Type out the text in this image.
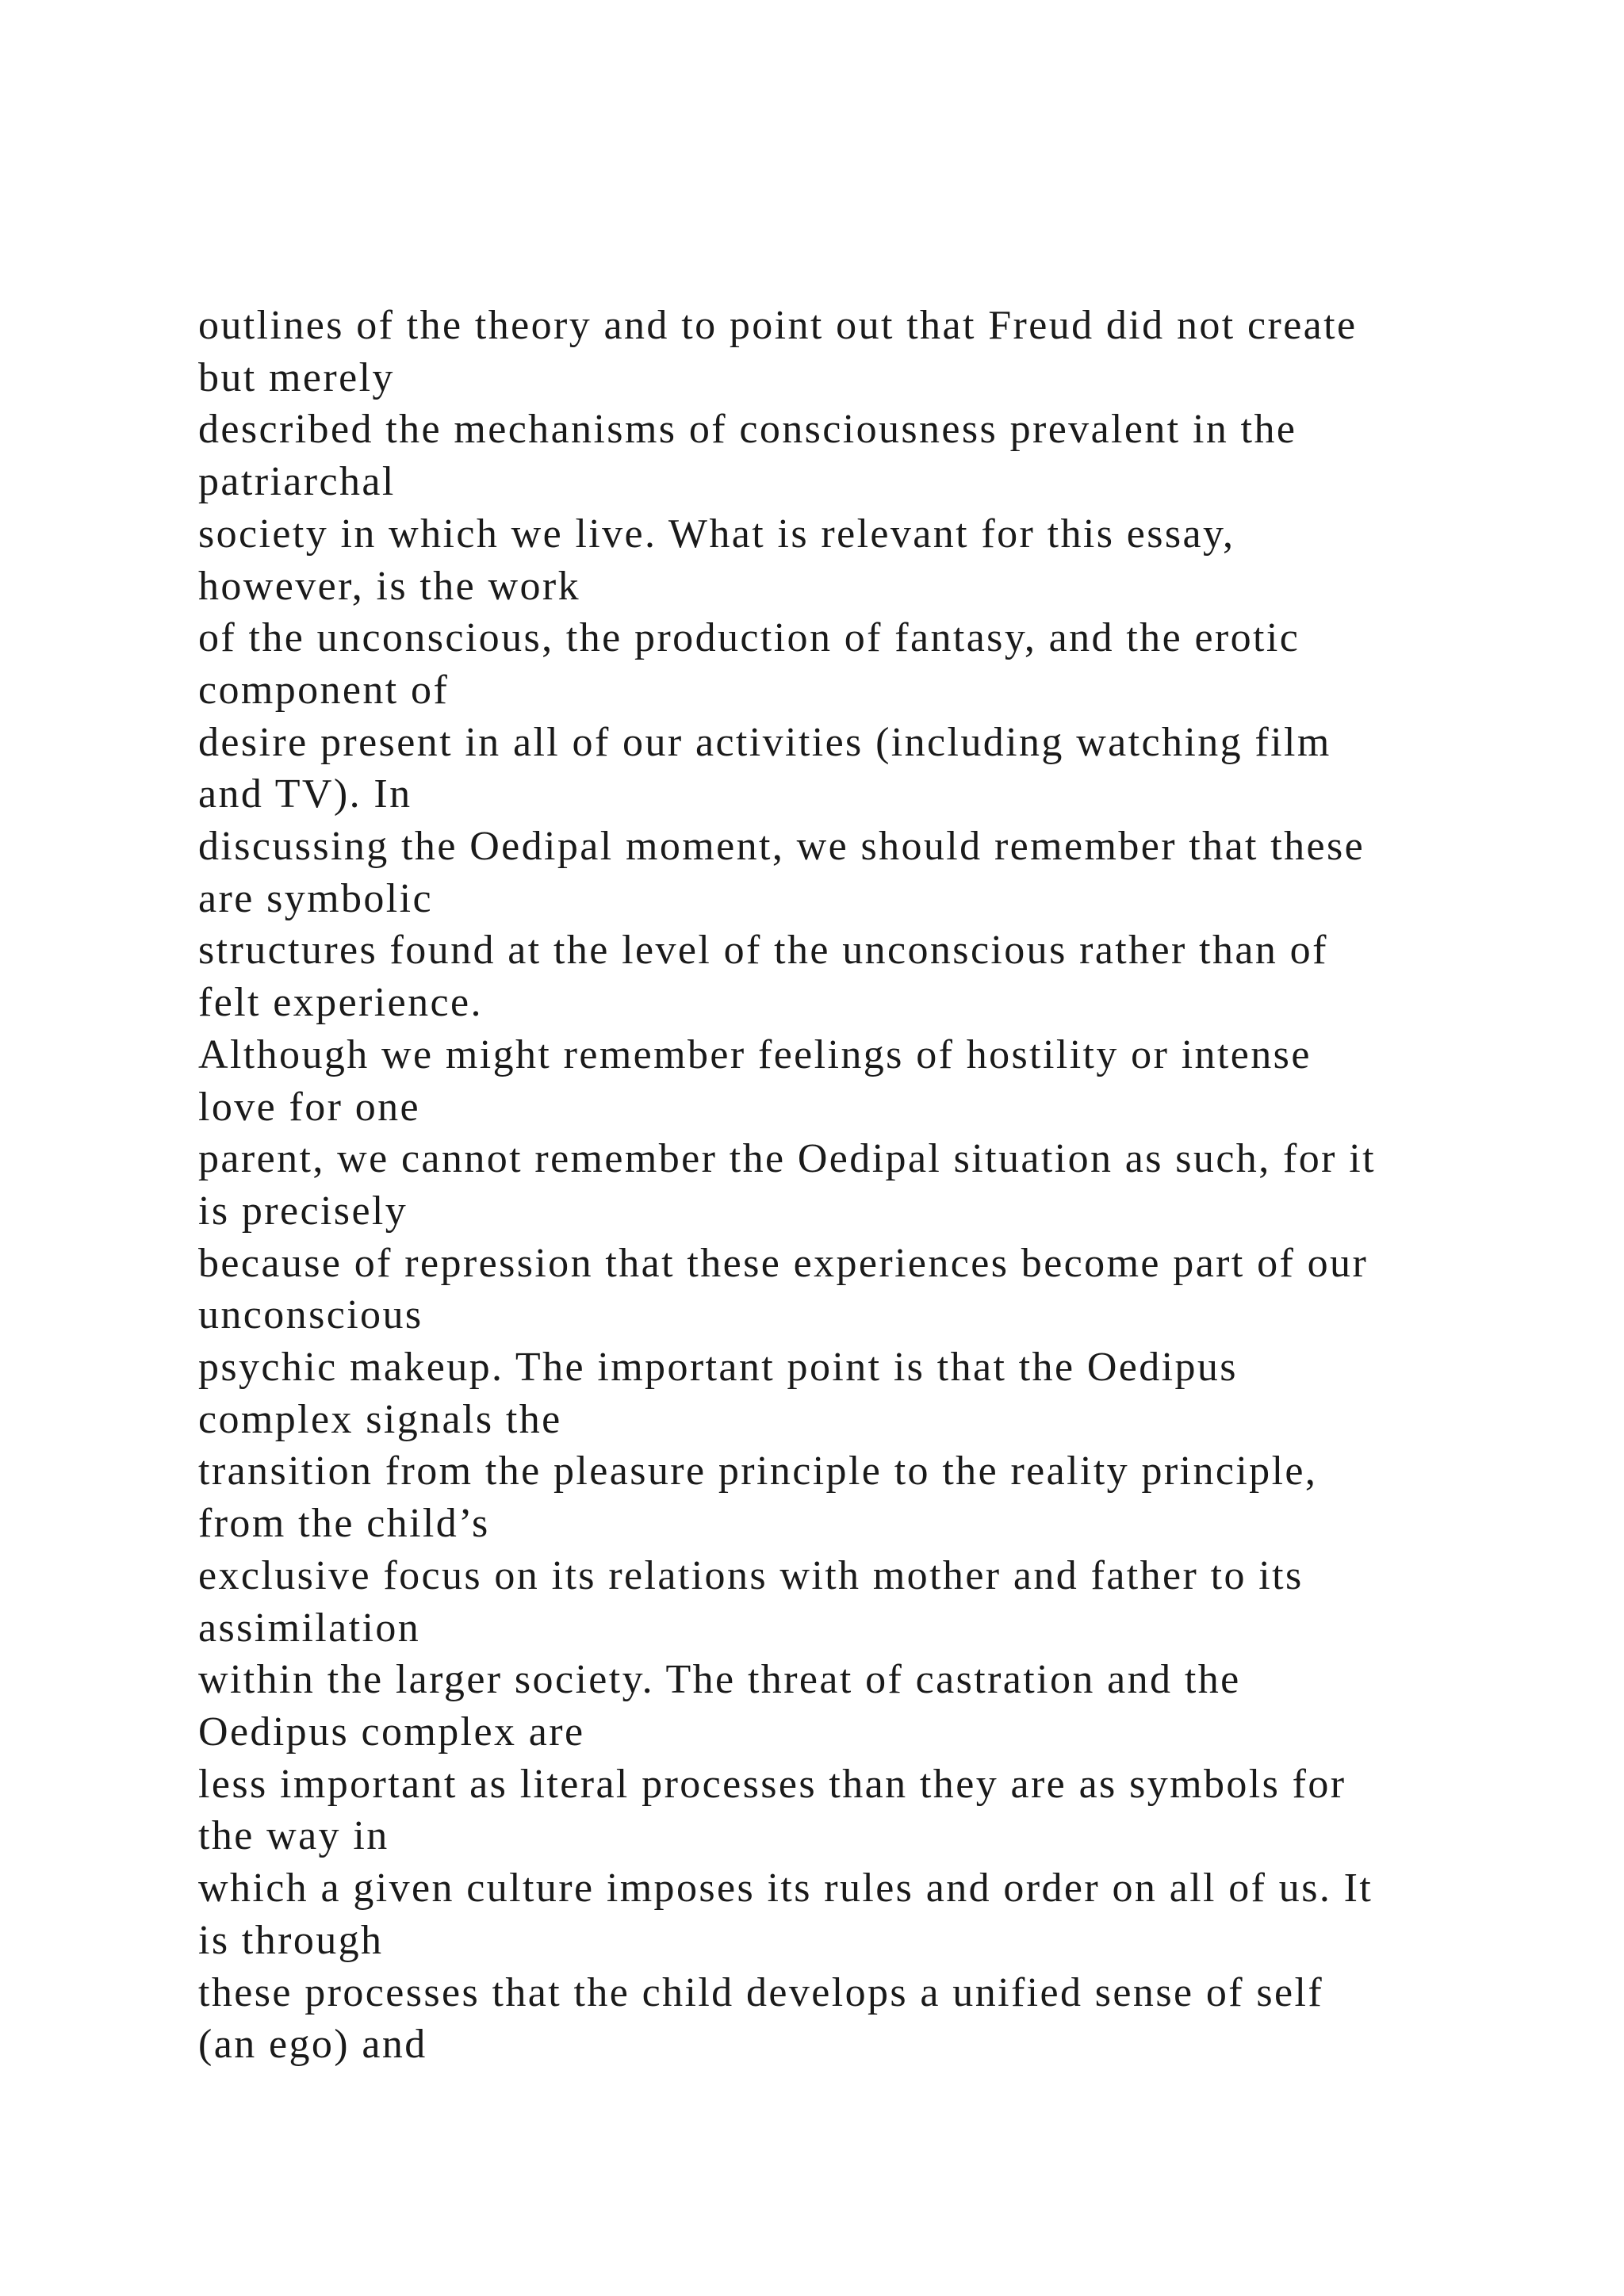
outlines of the theory and to point out that Freud did not create
but merely
described the mechanisms of consciousness prevalent in the
patriarchal
society in which we live. What is relevant for this essay,
however, is the work
of the unconscious, the production of fantasy, and the erotic
component of
desire present in all of our activities (including watching film
and TV). In
discussing the Oedipal moment, we should remember that these
are symbolic
structures found at the level of the unconscious rather than of
felt experience.
Although we might remember feelings of hostility or intense
love for one
parent, we cannot remember the Oedipal situation as such, for it
is precisely
because of repression that these experiences become part of our
unconscious
psychic makeup. The important point is that the Oedipus
complex signals the
transition from the pleasure principle to the reality principle,
from the child’s
exclusive focus on its relations with mother and father to its
assimilation
within the larger society. The threat of castration and the
Oedipus complex are
less important as literal processes than they are as symbols for
the way in
which a given culture imposes its rules and order on all of us. It
is through
these processes that the child develops a unified sense of self
(an ego) and
